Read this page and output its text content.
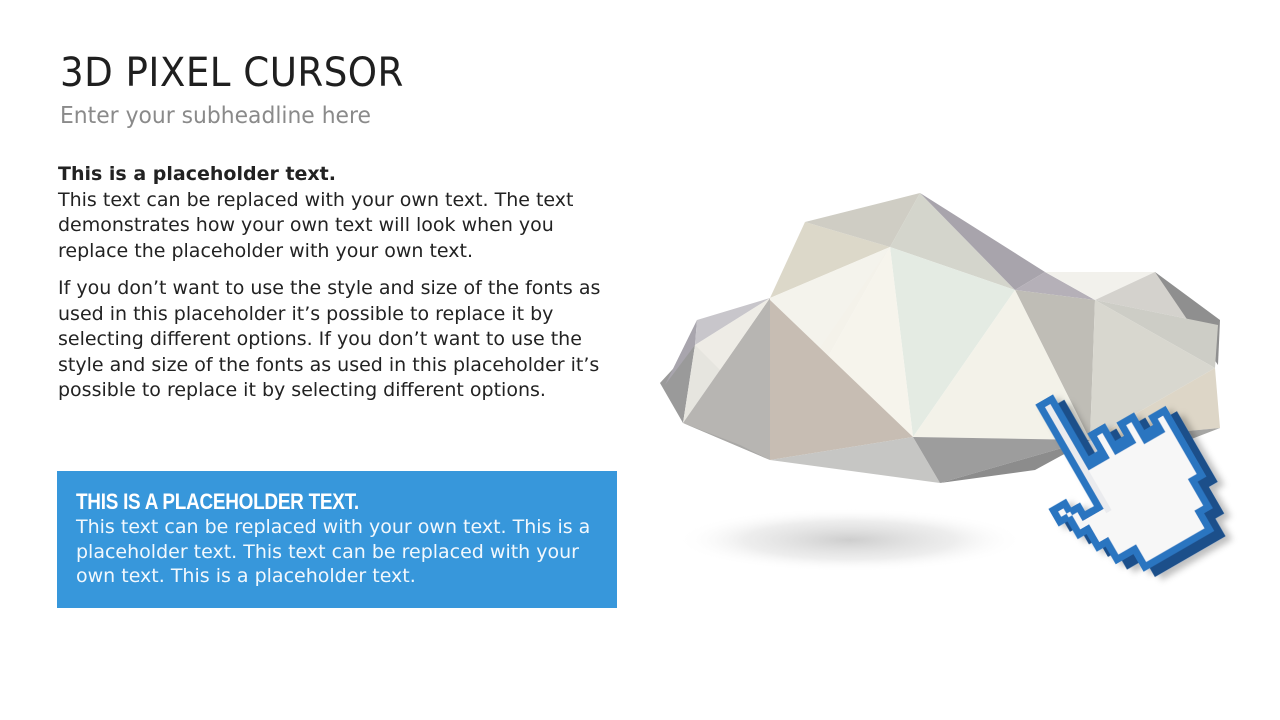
3D PIXEL CURSOR
Enter your subheadline here

This is a placeholder text.
This text can be replaced with your own text. The text demonstrates how your own text will look when you replace the placeholder with your own text.

If you don’t want to use the style and size of the fonts as used in this placeholder it’s possible to replace it by selecting different options. If you don’t want to use the style and size of the fonts as used in this placeholder it’s possible to replace it by selecting different options.

THIS IS A PLACEHOLDER TEXT.

This text can be replaced with your own text. This is a placeholder text. This text can be replaced with your own text. This is a placeholder text.
